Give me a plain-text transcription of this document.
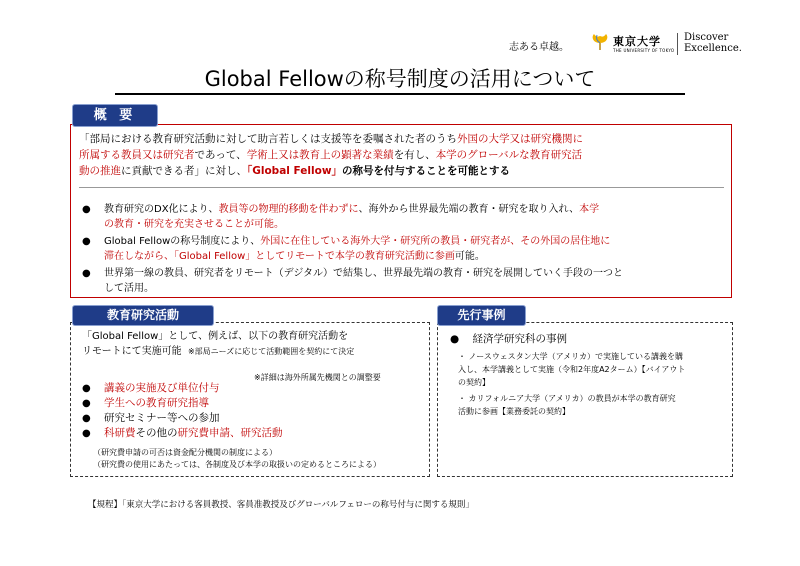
志ある卓越。	東京大学
THE UNIVERSITY OF TOKYO
Discover
Excellence.
Global Fellowの称号制度の活用について
概 要
「部局における教育研究活動に対して助言若しくは支援等を委嘱された者のうち外国の大学又は研究機関に
所属する教員又は研究者であって、学術上又は教育上の顕著な業績を有し、本学のグローバルな教育研究活
動の推進に貢献できる者」に対し、「Global Fellow」の称号を付与することを可能とする
●	教育研究のDX化により、教員等の物理的移動を伴わずに、海外から世界最先端の教育・研究を取り入れ、本学
の教育・研究を充実させることが可能。
●	Global Fellowの称号制度により、外国に在住している海外大学・研究所の教員・研究者が、その外国の居住地に
滞在しながら、「Global Fellow」としてリモートで本学の教育研究活動に参画可能。
●	世界第一線の教員、研究者をリモート（デジタル）で結集し、世界最先端の教育・研究を展開していく手段の一つと
して活用。
教育研究活動
「Global Fellow」として、例えば、以下の教育研究活動を
リモートにて実施可能 ※部局ニーズに応じて活動範囲を契約にて決定
※詳細は海外所属先機関との調整要
● 講義の実施及び単位付与
● 学生への教育研究指導
● 研究セミナー等への参加
● 科研費その他の研究費申請、研究活動
（研究費申請の可否は資金配分機関の制度による）
（研究費の使用にあたっては、各制度及び本学の取扱いの定めるところによる）
先行事例
● 経済学研究科の事例
・ ノースウェスタン大学（アメリカ）で実施している講義を購
入し、本学講義として実施（令和2年度A2ターム）【バイアウト
の契約】
・ カリフォルニア大学（アメリカ）の教員が本学の教育研究
活動に参画【業務委託の契約】
【規程】「東京大学における客員教授、客員准教授及びグローバルフェローの称号付与に関する規則」
